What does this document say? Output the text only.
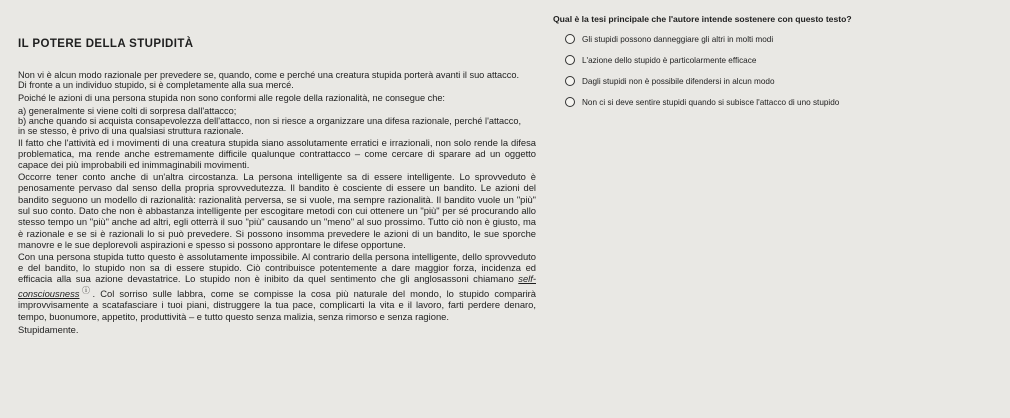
IL POTERE DELLA STUPIDITÀ

Non vi è alcun modo razionale per prevedere se, quando, come e perché una creatura stupida porterà avanti il suo attacco.

Di fronte a un individuo stupido, si è completamente alla sua mercé.

Poiché le azioni di una persona stupida non sono conformi alle regole della razionalità, ne consegue che:

a) generalmente si viene colti di sorpresa dall'attacco;

b) anche quando si acquista consapevolezza dell'attacco, non si riesce a organizzare una difesa razionale, perché l'attacco,

in se stesso, è privo di una qualsiasi struttura razionale.

Il fatto che l'attività ed i movimenti di una creatura stupida siano assolutamente erratici e irrazionali, non solo rende la difesa problematica, ma rende anche estremamente difficile qualunque contrattacco – come cercare di sparare ad un oggetto capace dei più improbabili ed inimmaginabili movimenti.

Occorre tener conto anche di un'altra circostanza. La persona intelligente sa di essere intelligente. Lo sprovveduto è penosamente pervaso dal senso della propria sprovvedutezza. Il bandito è cosciente di essere un bandito. Le azioni del bandito seguono un modello di razionalità: razionalità perversa, se si vuole, ma sempre razionalità. Il bandito vuole un "più" sul suo conto. Dato che non è abbastanza intelligente per escogitare metodi con cui ottenere un "più" per sé procurando allo stesso tempo un "più" anche ad altri, egli otterrà il suo "più" causando un "meno" al suo prossimo. Tutto ciò non è giusto, ma è razionale e se si è razionali lo si può prevedere. Si possono insomma prevedere le azioni di un bandito, le sue sporche manovre e le sue deplorevoli aspirazioni e spesso si possono approntare le difese opportune.

Con una persona stupida tutto questo è assolutamente impossibile. Al contrario della persona intelligente, dello sprovveduto e del bandito, lo stupido non sa di essere stupido. Ciò contribuisce potentemente a dare maggior forza, incidenza ed efficacia alla sua azione devastatrice. Lo stupido non è inibito da quel sentimento che gli anglosassoni chiamano self-consciousnessⓘ. Col sorriso sulle labbra, come se compisse la cosa più naturale del mondo, lo stupido comparirà improvvisamente a scatafasciare i tuoi piani, distruggere la tua pace, complicarti la vita e il lavoro, farti perdere denaro, tempo, buonumore, appetito, produttività – e tutto questo senza malizia, senza rimorso e senza ragione.

Stupidamente.

Qual è la tesi principale che l'autore intende sostenere con questo testo?

Gli stupidi possono danneggiare gli altri in molti modi
L'azione dello stupido è particolarmente efficace
Dagli stupidi non è possibile difendersi in alcun modo
Non ci si deve sentire stupidi quando si subisce l'attacco di uno stupido
